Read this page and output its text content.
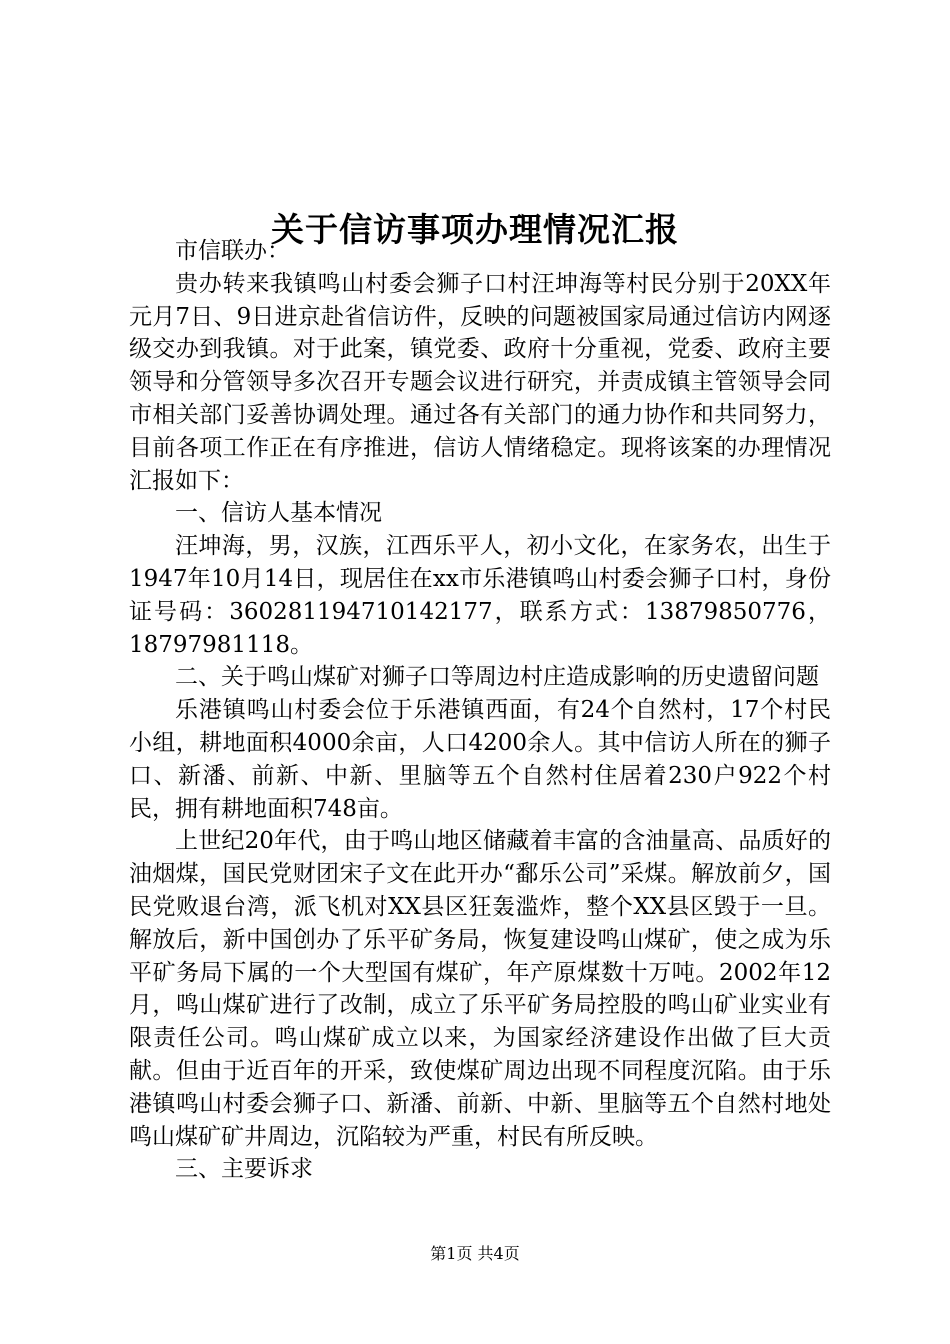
关于信访事项办理情况汇报

市信联办：

贵办转来我镇鸣山村委会狮子口村汪坤海等村民分别于20XX年元月7日、9日进京赴省信访件，反映的问题被国家局通过信访内网逐级交办到我镇。对于此案，镇党委、政府十分重视，党委、政府主要领导和分管领导多次召开专题会议进行研究，并责成镇主管领导会同市相关部门妥善协调处理。通过各有关部门的通力协作和共同努力，目前各项工作正在有序推进，信访人情绪稳定。现将该案的办理情况汇报如下：

一、信访人基本情况

汪坤海，男，汉族，江西乐平人，初小文化，在家务农，出生于1947年10月14日，现居住在xx市乐港镇鸣山村委会狮子口村，身份证号码：360281194710142177，联系方式：13879850776，18797981118。

二、关于鸣山煤矿对狮子口等周边村庄造成影响的历史遗留问题

乐港镇鸣山村委会位于乐港镇西面，有24个自然村，17个村民小组，耕地面积4000余亩，人口4200余人。其中信访人所在的狮子口、新潘、前新、中新、里脑等五个自然村住居着230户922个村民，拥有耕地面积748亩。

上世纪20年代，由于鸣山地区储藏着丰富的含油量高、品质好的油烟煤，国民党财团宋子文在此开办“鄱乐公司”采煤。解放前夕，国民党败退台湾，派飞机对XX县区狂轰滥炸，整个XX县区毁于一旦。解放后，新中国创办了乐平矿务局，恢复建设鸣山煤矿，使之成为乐平矿务局下属的一个大型国有煤矿，年产原煤数十万吨。2002年12月，鸣山煤矿进行了改制，成立了乐平矿务局控股的鸣山矿业实业有限责任公司。鸣山煤矿成立以来，为国家经济建设作出做了巨大贡献。但由于近百年的开采，致使煤矿周边出现不同程度沉陷。由于乐港镇鸣山村委会狮子口、新潘、前新、中新、里脑等五个自然村地处鸣山煤矿矿井周边，沉陷较为严重，村民有所反映。

三、主要诉求

第1页 共4页
